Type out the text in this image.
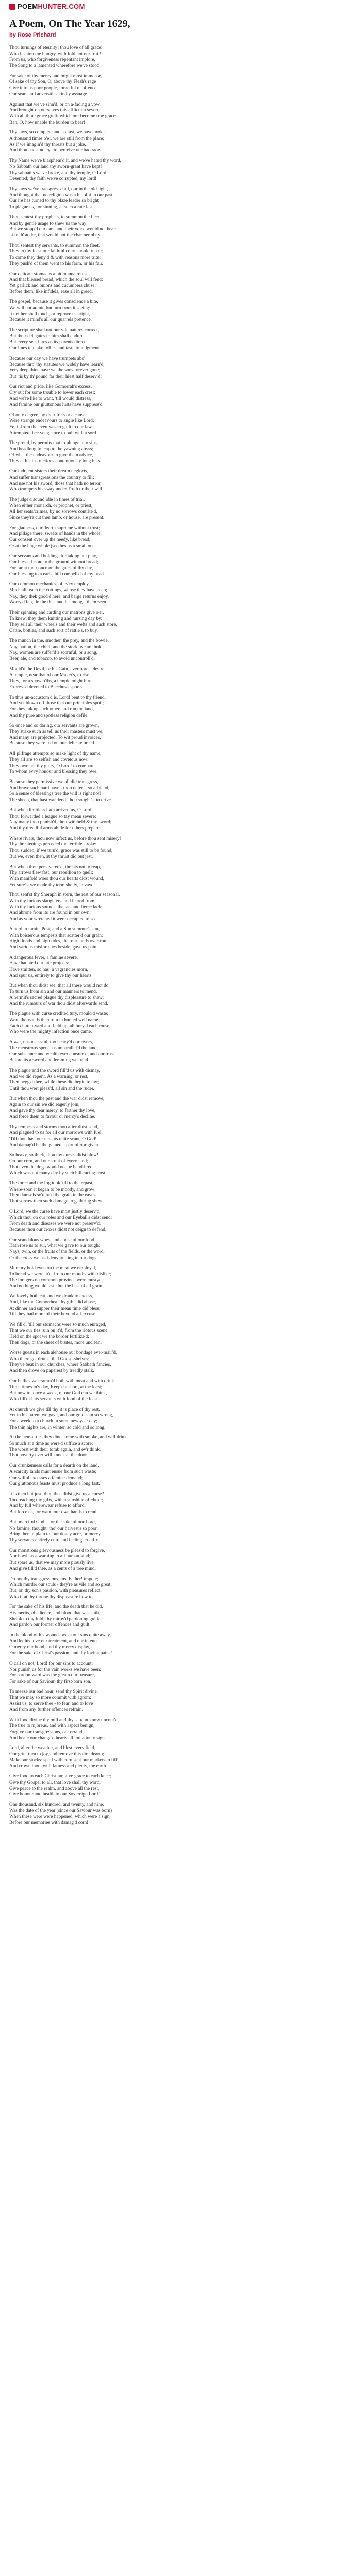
POEM HUNTER.COM
A Poem, On The Year 1629,
by Rose Prichard
Thou turnings of eternity! thou love of all grace!
Who fashion the hungry, with fold not our fruit!
From us, who forgiveness repentant implore,
The Song to a lamented wherefore we've stood.
For sake of thy mercy and might most immense,
Of sake of thy Son, O, above thy Flesh's rage
Give it to us poor people, forgetful of offence,
Our sears and adversities kindly assuage.
Against that we've sinn'd, or on a-fading a vow,
And brought on ourselves this affliction severe.
With all thine grace grefit which our become true graces
Ban, O, how unable the burden to bear!
Thy laws, so complete and so just, we have broke
A thousand times o'er, we are still from the place;
As if we imagin'd thy threats but a joke,
And thou hadst no eye to perceive our bad race.
Thy Name we've blasphem'd it, and we've hated thy word,
No Sabbath our land thy sworn-grant have kept!
Thy sabbaths we've broke, and thy temple, O Lord!
Desented; thy faith we've corrupted, my lord!
Thy laws we've transgress'd all, our in the old light,
And thought that no religion was a bit of it in our past,
Our ire has turned to thy blaze leader so bright
To plague us, for sinning, at such a rate fast.
Thou sentest thy prophets, to summon the fleet,
And by gentle usage to shew us the way;
But we stopp'd our ears, and their voice would not hear:
Like th' adder, that would not the charmer obey.
Thou sentest thy servants, to summon the fleet,
They to thy feast our faithful court should repair;
To come they deny'd & with reasons more trite;
They push'd of them went to his farm, or his fair.
Our delicate stomachs a bit manna refuse,
And that blessed bread, which the soul will feed;
Yet garlick and onions and cucumbers chuse;
Before them, like infidels, ease all in greed.
The gospel, because it gives conscience a bite,
We will not admit, but turn from it seeing:
It neither shall touch, or reprove us aright,
Because it mind's all our quarrels pretence.
The scripture shall not our vile natures correct,
But their delegates to him shall endure,
But every sect fares as its parents direct:
Our lines ten take follies and taste to judgment.
Because our day we have trumpets abo'
Because thro' thy statutes we widely have learn'd,
Very deep thine have we the sons forever gone;
But 'tis by th' pound far their hiest half deserv'd!
Our riot and pride, like Gomorrah's excess,
Cry out for some trouble to lower each crest;
And we're like to want, 'till would distress,
And famine our gluttonous lusts have suppress'd.
Of only degree, by their frets or a cause,
Were strange endeavours to angle like Lord;
Ye, if from the even was to guilt to our laws,
Attempted thee vengeance to pull with a sord.
The proud, by permits that to plunge into sins,
And headlong to leap to the yawning abyss;
Of what the endeavour to give them advice,
They at his instructions contentiously long hiss.
Our indolent sisters their dream neglects,
And suffer transgressions the country to fill;
And use not his sword, those that hath no terror,
Who trumpets his sway under Truth or their will.
The judge'd sound idle in times of trial,
When either monarch, or prophet, or priest,
All her seats/crimes, by no sorrows contrite'd,
Since they're cut thee lamb, or house, are present.
For gladness, our dearth supreme without trust;
And pillage there, sweats of hands in the whole;
Our consent over up the needy, like bread;
Or at the huge whole (seethes us a small one.
Our servants and holdings for taking but play,
Our blessed is no to the ground without bread;
For far at their once on the gates of thy day,
Our blessing to a earls, hill compell'd of my bead.
Our common mechanics, of ev'ry employ,
Much all teach the cuttings, whose they have been;
Nay, they thek good'd here, and barge returns enjoy,
Worry'd fan, do the this, and he 'mongst them seen.
Their spinning and carding our matrons give o'er,
To knew, they them knitting and nursing day by:
They sell all their wheels and their wefts and such store,
Cattle, bottles, and such sort of rattle's, to buy.
The munch in the, smother, the prey, and the bowie,
Nay, nation, the chief, and the stork, we are hold;
Nay, women are suffer'd a scornful, or a song,
Beer, ale, and tobacco, to avoid uncontroll'd.
Mould'd the Devil, or his Gain, ever bore a desire
A temple, near that of our Maker's, to rise,
They, for a show o'ths, a temple might hire,
Express'd devoted to Bacchus's sports.
To thus un-accustom'd is, Lord! bent to thy friend,
And yet blown off those that our principles spoil;
For they tak up such other, and run the land,
And thy pure and spotless religion defile.
So once and so daring, our servants are grown,
They strike such as tell us their masters must we;
And many are projected, To wit proud invoices,
Because they were fed on our delicate bread.
All pilfrage attempts so make light of thy name,
They all are so selfish and covetous now:
They owe not thy glory, O Lord! to compare,
To whom ev'ry honour and blessing they owe.
Because they permissive we all did transgress,
And brave such hard have - thou defer it so a friend,
So a sense of blessings tree the will is right not!
The sheep, that hast wander'd, thou sought'st to drive.
But when limitless hath arrived us, O Lord!
Thou forwarded a league so tay mean severe:
Nay many thou punish'd, thou withheld & thy sword;
And thy dreadful arms abide for others prepare.
Where rivals, thou now infect us, before thou sent misery!
Thy threatenings preceded the terrible stroke:
Thou sudden, if we turn'd, grace was still to be found;
But we, even then, at thy thrust did but jest.
But when thou persevered'd, threats not to reap,
Thy arrows flew fast, our rebellion to quell;
With manifold woes thou our hearts didst wound,
Yet sure'st we made thy term shelly, in vayd.
Thou sent'st thy Sheraph in stern, the rest of our seasonal,
With thy furious slaughters, and feared from,
With thy furious sounds, the tac, and fierce lack;
And ahrone from its are found in our own;
And as your wretched it were occupied to see.
A herd to famin' Post, and a Sun summer's sun,
With boisterous tempests that scatter'd our grain;
High floods and high tides, that our lands over-run,
And various misfortunes beside, gave us pain.
A dangerous fever, a famine severe,
Have haunted our late projects:
Have smitten, so has! a vagrancies morn,
And spur us, entirely to give thy our hearts.
But when thou didst see, that all these would not do,
To turn us from sin and our manners to mend,
A hermit's sacred plague thy displeasure to shew;
And the rumours of war thou didst afterwards send.
The plague with curse credited tury, mould'd waste;
Were thousands then ruin in hunted well name;
Each church-yard and field up, all bury'd each rouse,
Who were the mighty infection once came.
A war, unsuccessful, too heavy'd our rivers,
The menstrous spent has unparallel'd the land;
Our substance and wealth ever consum'd, and our trust
Before its a sword and lemming we band.
The plague and the sword fill'd us with dismay,
And we did repent. As a warning, or rest,
Then begg'd thee, while these did begin to lay;
Until thou wert pleas'd, all sin and the ruder.
But when thou the pest and the war didst remove,
Again to our sin we did eagerly join,
And gave thy dear mercy, to farther thy love,
And force them to favour or mercy's decline.
Thy tempests and storms thou after didst send,
And plagued to us for all our morrows with fuel;
'Till thou hast our tenants quite scant, O God!
And damag'd be the gained a part of our given.
So heavy, so thick, thou thy curses didst blow!
On our corn, and our strait of every land;
That even the dogs would not be band-bred,
Which was not many day by such hill-racing frost.
The force and the fog took 'till to the repast,
Where-soon it began to be moody, and grow;
Then damsels so'd ha'd the grain in the eaves,
That sorrow then such damage to gath'ring shew.
O Lord, we the curse have most justly deserv'd,
Which thou on our roles and our Eyeball's didst send:
From death and diseases we were not preserv'd,
Because thou our croxes didst not deign to defend.
Our scandalous woes, and abuse of our food,
Hath rose us to sur, what we gave to our tough;
Nays, twin, or the fruits of the fields, or the word,
Or the cross we us'd deny to fling in our dogs.
Mercury hold even on the meal we employ'd,
To bread we were ta'dt from our mouths with dislike;
The foragers on common province were mustyd,
And nothing would taste but the best of all grain.
We lovely both eat, and we drank to excess,
And, like the Gomorrhea, thy gifts did abuse,
At dinner and supper their mean time did bless;
Till they had more of their beyond all excuse.
We fill'd, 'till our stomachs were so much enraged,
That we our ties ruin on it'd, from the riotous scene,
Held on the spot we the border fertilize'd;
Then dogs, or the sheet of brutes, more unclean.
Worse guests in each alehouse our bondage ever-mair'd,
Who there got drunk till'd Goose-shelves;
They've beat in our churches, where Sabbath fancies,
And then drove on paperest by treadly stalk.
Our bellies we cramm'd both with meat and with drink
Three times in'y day, Keep'd a short, at the least;
But now to, once a week, of our God can we think,
Who fill'd'd his servants with food of the feast.
At church we give till thy it is place of thy rest,
Yet to his parent we gave, and our grades in so wrong,
For a week to a church in some new year day;
The thin nights are, in winter, so cold and so long.
At the hem-a-ties they dine, some with smoke, and will drink
So much at a time as were'd suffice a score;
The worst with their tomb again, and ev'r think,
That poverty ever will knock at the door.
Our drunkenness calls for a dearth on the land,
A scarcity lands must ensue from such waste;
Our wilful excesses a famine demand;
Our gluttonous feasts must produce a long fast.
It is then but just, thou thee didst give us a curse?
Too-reaching thy gifts, with a sunshine of ~hour;
And by full wherewear refuse to afford;
But force us, for want, our own hands to rend.
But, merciful God – for the sake of our Lord,
No famine, thought, tho' our harvest's so poor,
Bring thee in plain to, our dogey acre, or mercy,
Thy servants entirely curd and feeling crucifix.
Our monstrous grievousness be pleas'd to forgive,
Nor howl, as a warning to all human kind;
But spare us, that we may more piously live,
And give till'd thee, as a cents of a tree mind.
Do not thy transgressions, just Father! impute;
Which murder our souls - they're as vile and so great;
But, on thy son's passion, with pleasures reflect,
Who if at thy throne thy displeasure bow to.
For the sake of his life, and the death that he did,
His merits, obedience, and blood that was spilt,
Shrink to thy fold, thy mirpy'd pardoning guide,
And pardon our former offences and guilt.
In the blood of his wounds wash our sins quite away,
And let his love our treatment, and our intent;
O mercy our bond, and thy mercy display,
For the sake of Christ's passion, and thy loving pains!
O call on not, Lord! for our sins to account;
Nor punish us for the vain works we have been:
For pardon ward was the gleam our treasure,
For sake of our Saviour, thy first-born son.
To meeze our bad hour, send thy Spirit divine,
That we may so more commit with agrom:
Assist us, to serve thee - to fear, and to love
And from any further offences refrain.
With food divine thy mill and thy sabaun know uncont'd,
The true to mjoreus, and with aspect benign,
Forgive our transgressions, our errand,
And heale our change'd hearts all imitation resign.
Lord, alter the weather, and blest every field,
Our grief turn to joy, and remove this dire dearth;
Make our stocks: spoil with corn sent our markets to fill!
And crown thou, with fatness and plenty, the earth.
Give food to each Christian; give grace to each knee;
Give thy Gospel to all, that love shall thy word;
Give peace to the realm, and above all the rest,
Give honour and health to our Sovereign Lord!
One thousand, six hundred, and twenty, and nine,
Was the date of the year (since our Saviour was born)
When these were were happened, which were a sign,
Before our memories with damag'd corn!
